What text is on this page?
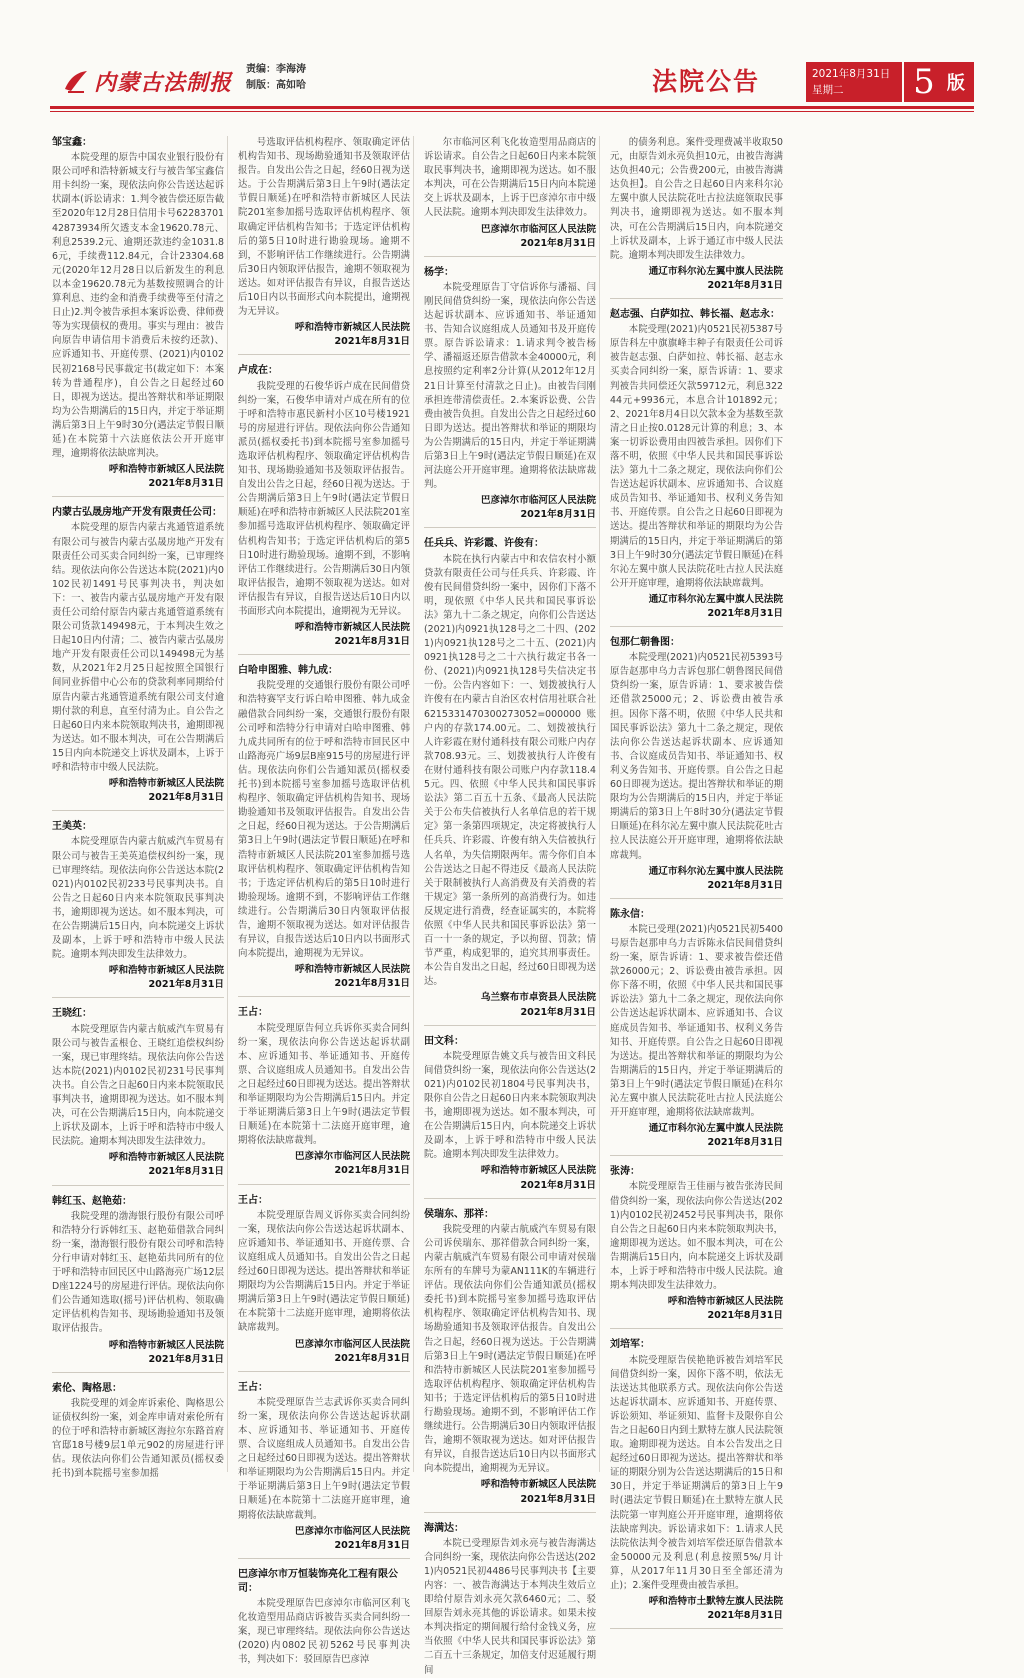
内蒙古法制报 责编：李海涛
制版：高如哈	法院公告	2021年8月31日
星期二	5 版
邹宝鑫：
本院受理的原告中国农业银行股份有限公司呼和浩特新城支行与被告邹宝鑫信用卡纠纷一案，现依法向你公告送达起诉状副本(诉讼请求：1.判令被告偿还原告截至2020年12月28日信用卡号6228370142873934所欠透支本金19620.78元、利息2539.2元、逾期还款违约金1031.86元，手续费112.84元，合计23304.68元(2020年12月28日以后新发生的利息以本金19620.78元为基数按照调合的计算利息、违约金和消费手续费等至付清之日止)2.判令被告承担本案诉讼费、律师费等为实现债权的费用。事实与理由：被告向原告申请信用卡消费后未按约还款)、应诉通知书、开庭传票、(2021)内0102民初2168号民事裁定书(裁定如下：本案转为普通程序)，自公告之日起经过60日，即视为送达。提出答辩状和举证期限均为公告期满后的15日内，并定于举证期满后第3日上午9时30分(遇法定节假日顺延)在本院第十六法庭依法公开开庭审理，逾期将依法缺席判决。
呼和浩特市新城区人民法院
2021年8月31日
内蒙古弘晟房地产开发有限责任公司：
本院受理的原告内蒙古兆通管道系统有限公司与被告内蒙古弘晟房地产开发有限责任公司买卖合同纠纷一案，已审理终结。现依法向你公告送达本院(2021)内0102民初1491号民事判决书，判决如下：一、被告内蒙古弘晟房地产开发有限责任公司给付原告内蒙古兆通管道系统有限公司货款149498元，于本判决生效之日起10日内付清；二、被告内蒙古弘晟房地产开发有限责任公司以149498元为基数，从2021年2月25日起按照全国银行间同业拆借中心公布的贷款利率同期给付原告内蒙古兆通管道系统有限公司支付逾期付款的利息，直至付清为止。自公告之日起60日内来本院领取判决书，逾期即视为送达。如不服本判决，可在公告期满后15日内向本院递交上诉状及副本，上诉于呼和浩特市中级人民法院。
呼和浩特市新城区人民法院
2021年8月31日
王美英：
本院受理原告内蒙古航威汽车贸易有限公司与被告王美英追偿权纠纷一案，现已审理终结。现依法向你公告送达本院(2021)内0102民初233号民事判决书。自公告之日起60日内来本院领取民事判决书，逾期即视为送达。如不服本判决，可在公告期满后15日内，向本院递交上诉状及副本，上诉于呼和浩特市中级人民法院。逾期本判决即发生法律效力。
呼和浩特市新城区人民法院
2021年8月31日
王晓红：
本院受理原告内蒙古航威汽车贸易有限公司与被告孟根仓、王晓红追偿权纠纷一案，现已审理终结。现依法向你公告送达本院(2021)内0102民初231号民事判决书。自公告之日起60日内来本院领取民事判决书，逾期即视为送达。如不服本判决，可在公告期满后15日内，向本院递交上诉状及副本，上诉于呼和浩特市中级人民法院。逾期本判决即发生法律效力。
呼和浩特市新城区人民法院
2021年8月31日
韩红玉、赵艳茹：
我院受理的渤海银行股份有限公司呼和浩特分行诉韩红玉、赵艳茹借款合同纠纷一案，渤海银行股份有限公司呼和浩特分行申请对韩红玉、赵艳茹共同所有的位于呼和浩特市回民区中山路海亮广场12层D座1224号的房屋进行评估。现依法向你们公告通知选取(摇号)评估机构、领取确定评估机构告知书、现场勘验通知书及领取评估报告。
呼和浩特市新城区人民法院
2021年8月31日
索伦、陶格思：
我院受理的刘金库诉索伦、陶格思公证债权纠纷一案，刘金库申请对索伦所有的位于呼和浩特市新城区海拉尔东路首府官邸18号楼9层1单元902的房屋进行评估。现依法向你们公告通知派员(摇权委托书)到本院摇号室参加摇
号选取评估机构程序、领取确定评估机构告知书、现场勘验通知书及领取评估报告。自发出公告之日起，经60日视为送达。于公告期满后第3日上午9时(遇法定节假日顺延)在呼和浩特市新城区人民法院201室参加摇号选取评估机构程序、领取确定评估机构告知书；于选定评估机构后的第5日10时进行勘验现场。逾期不到，不影响评估工作继续进行。公告期满后30日内领取评估报告，逾期不领取视为送达。如对评估报告有异议，自报告送达后10日内以书面形式向本院提出，逾期视为无异议。
呼和浩特市新城区人民法院
2021年8月31日
卢成在：
我院受理的石俊华诉卢成在民间借贷纠纷一案，石俊华申请对卢成在所有的位于呼和浩特市惠民新村小区10号楼1921号的房屋进行评估。现依法向你公告通知派员(摇权委托书)到本院摇号室参加摇号选取评估机构程序、领取确定评估机构告知书、现场勘验通知书及领取评估报告。自发出公告之日起，经60日视为送达。于公告期满后第3日上午9时(遇法定节假日顺延)在呼和浩特市新城区人民法院201室参加摇号选取评估机构程序、领取确定评估机构告知书；于选定评估机构后的第5日10时进行勘验现场。逾期不到，不影响评估工作继续进行。公告期满后30日内领取评估报告，逾期不领取视为送达。如对评估报告有异议，自报告送达后10日内以书面形式向本院提出，逾期视为无异议。
呼和浩特市新城区人民法院
2021年8月31日
白哈申图雅、韩九成：
我院受理的交通银行股份有限公司呼和浩特赛罕支行诉白哈申图雅、韩九成金融借款合同纠纷一案，交通银行股份有限公司呼和浩特分行申请对白哈申图雅、韩九成共同所有的位于呼和浩特市回民区中山路海亮广场9层B座915号的房屋进行评估。现依法向你们公告通知派员(摇权委托书)到本院摇号室参加摇号选取评估机构程序、领取确定评估机构告知书、现场勘验通知书及领取评估报告。自发出公告之日起，经60日视为送达。于公告期满后第3日上午9时(遇法定节假日顺延)在呼和浩特市新城区人民法院201室参加摇号选取评估机构程序、领取确定评估机构告知书；于选定评估机构后的第5日10时进行勘验现场。逾期不到，不影响评估工作继续进行。公告期满后30日内领取评估报告，逾期不领取视为送达。如对评估报告有异议，自报告送达后10日内以书面形式向本院提出，逾期视为无异议。
呼和浩特市新城区人民法院
2021年8月31日
王占：
本院受理原告何立兵诉你买卖合同纠纷一案，现依法向你公告送达起诉状副本、应诉通知书、举证通知书、开庭传票、合议庭组成人员通知书。自发出公告之日起经过60日即视为送达。提出答辩状和举证期限均为公告期满后15日内。并定于举证期满后第3日上午9时(遇法定节假日顺延)在本院第十二法庭开庭审理，逾期将依法缺席裁判。
巴彦淖尔市临河区人民法院
2021年8月31日
王占：
本院受理原告周义诉你买卖合同纠纷一案，现依法向你公告送达起诉状副本、应诉通知书、举证通知书、开庭传票、合议庭组成人员通知书。自发出公告之日起经过60日即视为送达。提出答辩状和举证期限均为公告期满后15日内。并定于举证期满后第3日上午9时(遇法定节假日顺延)在本院第十二法庭开庭审理，逾期将依法缺席裁判。
巴彦淖尔市临河区人民法院
2021年8月31日
王占：
本院受理原告兰志武诉你买卖合同纠纷一案，现依法向你公告送达起诉状副本、应诉通知书、举证通知书、开庭传票、合议庭组成人员通知书。自发出公告之日起经过60日即视为送达。提出答辩状和举证期限均为公告期满后15日内。并定于举证期满后第3日上午9时(遇法定节假日顺延)在本院第十二法庭开庭审理，逾期将依法缺席裁判。
巴彦淖尔市临河区人民法院
2021年8月31日
巴彦淖尔市万恒装饰亮化工程有限公司：
本院受理原告巴彦淖尔市临河区利飞化妆造型用品商店诉被告买卖合同纠纷一案，现已审理终结。现依法向你公告送达(2020)内0802民初5262号民事判决书，判决如下：驳回原告巴彦淖
尔市临河区利飞化妆造型用品商店的诉讼请求。自公告之日起60日内来本院领取民事判决书，逾期即视为送达。如不服本判决，可在公告期满后15日内向本院递交上诉状及副本，上诉于巴彦淖尔市中级人民法院。逾期本判决即发生法律效力。
巴彦淖尔市临河区人民法院
2021年8月31日
杨学：
本院受理原告丁守信诉你与潘福、闫刚民间借贷纠纷一案，现依法向你公告送达起诉状副本、应诉通知书、举证通知书、告知合议庭组成人员通知书及开庭传票。原告诉讼请求：1.请求判令被告杨学、潘福返还原告借款本金40000元，利息按照约定利率2分计算(从2012年12月21日计算至付清款之日止)。由被告闫刚承担连带清偿责任。2.本案诉讼费、公告费由被告负担。自发出公告之日起经过60日即为送达。提出答辩状和举证的期限均为公告期满后的15日内，并定于举证期满后第3日上午9时(遇法定节假日顺延)在双河法庭公开开庭审理。逾期将依法缺席裁判。
巴彦淖尔市临河区人民法院
2021年8月31日
任兵兵、许彩霞、许俊有：
本院在执行内蒙古中和农信农村小额贷款有限责任公司与任兵兵、许彩霞、许俊有民间借贷纠纷一案中，因你们下落不明，现依照《中华人民共和国民事诉讼法》第九十二条之规定，向你们公告送达(2021)内0921执128号之二十四、(2021)内0921执128号之二十五、(2021)内0921执128号之二十六执行裁定书各一份、(2021)内0921执128号失信决定书一份。公告内容如下：一、划拨被执行人许俊有在内蒙古自治区农村信用社联合社6215331470300273052=000000账户内的存款174.00元。二、划拨被执行人许彩霞在财付通科技有限公司账户内存款708.93元。三、划拨被执行人许俊有在财付通科技有限公司账户内存款118.45元。四、依照《中华人民共和国民事诉讼法》第二百五十五条、《最高人民法院关于公布失信被执行人名单信息的若干规定》第一条第四项规定，决定将被执行人任兵兵、许彩霞、许俊有纳入失信被执行人名单，为失信期限两年。需今你们自本公告送达之日起不得违反《最高人民法院关于限制被执行人高消费及有关消费的若干规定》第一条所列的高消费行为。如违反规定进行消费，经查证属实的，本院将依照《中华人民共和国民事诉讼法》第一百一十一条的规定，予以拘留、罚款；情节严重，构成犯罪的，追究其刑事责任。本公告自发出之日起，经过60日即视为送达。
乌兰察布市卓资县人民法院
2021年8月31日
田文科：
本院受理原告姚文兵与被告田文科民间借贷纠纷一案，现依法向你公告送达(2021)内0102民初1804号民事判决书，限你自公告之日起60日内来本院领取判决书，逾期即视为送达。如不服本判决，可在公告期满后15日内，向本院递交上诉状及副本，上诉于呼和浩特市中级人民法院。逾期本判决即发生法律效力。
呼和浩特市新城区人民法院
2021年8月31日
侯瑞东、那祥：
我院受理的内蒙古航威汽车贸易有限公司诉侯瑞东、那祥借款合同纠纷一案，内蒙古航威汽车贸易有限公司申请对侯瑞东所有的车牌号为蒙AN111K的车辆进行评估。现依法向你们公告通知派员(摇权委托书)到本院摇号室参加摇号选取评估机构程序、领取确定评估机构告知书、现场勘验通知书及领取评估报告。自发出公告之日起，经60日视为送达。于公告期满后第3日上午9时(遇法定节假日顺延)在呼和浩特市新城区人民法院201室参加摇号选取评估机构程序、领取确定评估机构告知书；于选定评估机构后的第5日10时进行勘验现场。逾期不到，不影响评估工作继续进行。公告期满后30日内领取评估报告，逾期不领取视为送达。如对评估报告有异议，自报告送达后10日内以书面形式向本院提出，逾期视为无异议。
呼和浩特市新城区人民法院
2021年8月31日
海满达：
本院已受理原告刘永亮与被告海满达合同纠纷一案，现依法向你公告送达(2021)内0521民初4486号民事判决书【主要内容：一、被告海满达于本判决生效后立即给付原告刘永亮欠款6460元；二、驳回原告刘永亮其他的诉讼请求。如果未按本判决指定的期间履行给付金钱义务，应当依照《中华人民共和国民事诉讼法》第二百五十三条规定，加倍支付迟延履行期间
的债务利息。案件受理费减半收取50元，由原告刘永亮负担10元，由被告海满达负担40元；公告费200元，由被告海满达负担】。自公告之日起60日内来科尔沁左翼中旗人民法院花吐古拉法庭领取民事判决书，逾期即视为送达。如不服本判决，可在公告期满后15日内，向本院递交上诉状及副本，上诉于通辽市中级人民法院。逾期本判决即发生法律效力。
通辽市科尔沁左翼中旗人民法院
2021年8月31日
赵志强、白萨如拉、韩长福、赵志永：
本院受理(2021)内0521民初5387号原告科左中旗旗峰丰种子有限责任公司诉被告赵志强、白萨如拉、韩长福、赵志永买卖合同纠纷一案，原告诉请：1、要求判被告共同偿还欠款59712元，利息32244元+9936元，本息合计101892元；2、2021年8月4日以欠款本金为基数至款清之日止按0.0128元计算的利息；3、本案一切诉讼费用由四被告承担。因你们下落不明，依照《中华人民共和国民事诉讼法》第九十二条之规定，现依法向你们公告送达起诉状副本、应诉通知书、合议庭成员告知书、举证通知书、权利义务告知书、开庭传票。自公告之日起60日即视为送达。提出答辩状和举证的期限均为公告期满后的15日内，并定于举证期满后的第3日上午9时30分(遇法定节假日顺延)在科尔沁左翼中旗人民法院花吐古拉人民法庭公开开庭审理，逾期将依法缺席裁判。
通辽市科尔沁左翼中旗人民法院
2021年8月31日
包那仁朝鲁图：
本院受理(2021)内0521民初5393号原告赵那申乌力吉诉包那仁朝鲁图民间借贷纠纷一案，原告诉请：1、要求被告偿还借款25000元；2、诉讼费由被告承担。因你下落不明，依照《中华人民共和国民事诉讼法》第九十二条之规定，现依法向你公告送达起诉状副本、应诉通知书、合议庭成员告知书、举证通知书、权利义务告知书、开庭传票。自公告之日起60日即视为送达。提出答辩状和举证的期限均为公告期满后的15日内，并定于举证期满后的第3日上午8时30分(遇法定节假日顺延)在科尔沁左翼中旗人民法院花吐古拉人民法庭公开开庭审理，逾期将依法缺席裁判。
通辽市科尔沁左翼中旗人民法院
2021年8月31日
陈永信：
本院已受理(2021)内0521民初5400号原告赵那申乌力吉诉陈永信民间借贷纠纷一案，原告诉请：1、要求被告偿还借款26000元；2、诉讼费由被告承担。因你下落不明，依照《中华人民共和国民事诉讼法》第九十二条之规定，现依法向你公告送达起诉状副本、应诉通知书、合议庭成员告知书、举证通知书、权利义务告知书、开庭传票。自公告之日起60日即视为送达。提出答辩状和举证的期限均为公告期满后的15日内，并定于举证期满后的第3日上午9时(遇法定节假日顺延)在科尔沁左翼中旗人民法院花吐古拉人民法庭公开开庭审理，逾期将依法缺席裁判。
通辽市科尔沁左翼中旗人民法院
2021年8月31日
张涛：
本院受理原告王佳丽与被告张涛民间借贷纠纷一案，现依法向你公告送达(2021)内0102民初2452号民事判决书，限你自公告之日起60日内来本院领取判决书，逾期即视为送达。如不服本判决，可在公告期满后15日内，向本院递交上诉状及副本，上诉于呼和浩特市中级人民法院。逾期本判决即发生法律效力。
呼和浩特市新城区人民法院
2021年8月31日
刘培军：
本院受理原告侯艳艳诉被告刘培军民间借贷纠纷一案，因你下落不明，依法无法送达其他联系方式。现依法向你公告送达起诉状副本、应诉通知书、开庭传票、诉讼须知、举证须知、监督卡及限你自公告之日起60日内到土默特左旗人民法院领取。逾期即视为送达。自本公告发出之日起经过60日即视为送达。提出答辩状和举证的期限分别为公告送达期满后的15日和30日，并定于举证期满后的第3日上午9时(遇法定节假日顺延)在土默特左旗人民法院第一审判庭公开开庭审理，逾期将依法缺席判决。诉讼请求如下：1.请求人民法院依法判令被告刘培军偿还原告借款本金50000元及利息(利息按照5%/月计算，从2017年11月30日至全部还清为止)；2.案件受理费由被告承担。
呼和浩特市土默特左旗人民法院
2021年8月31日
